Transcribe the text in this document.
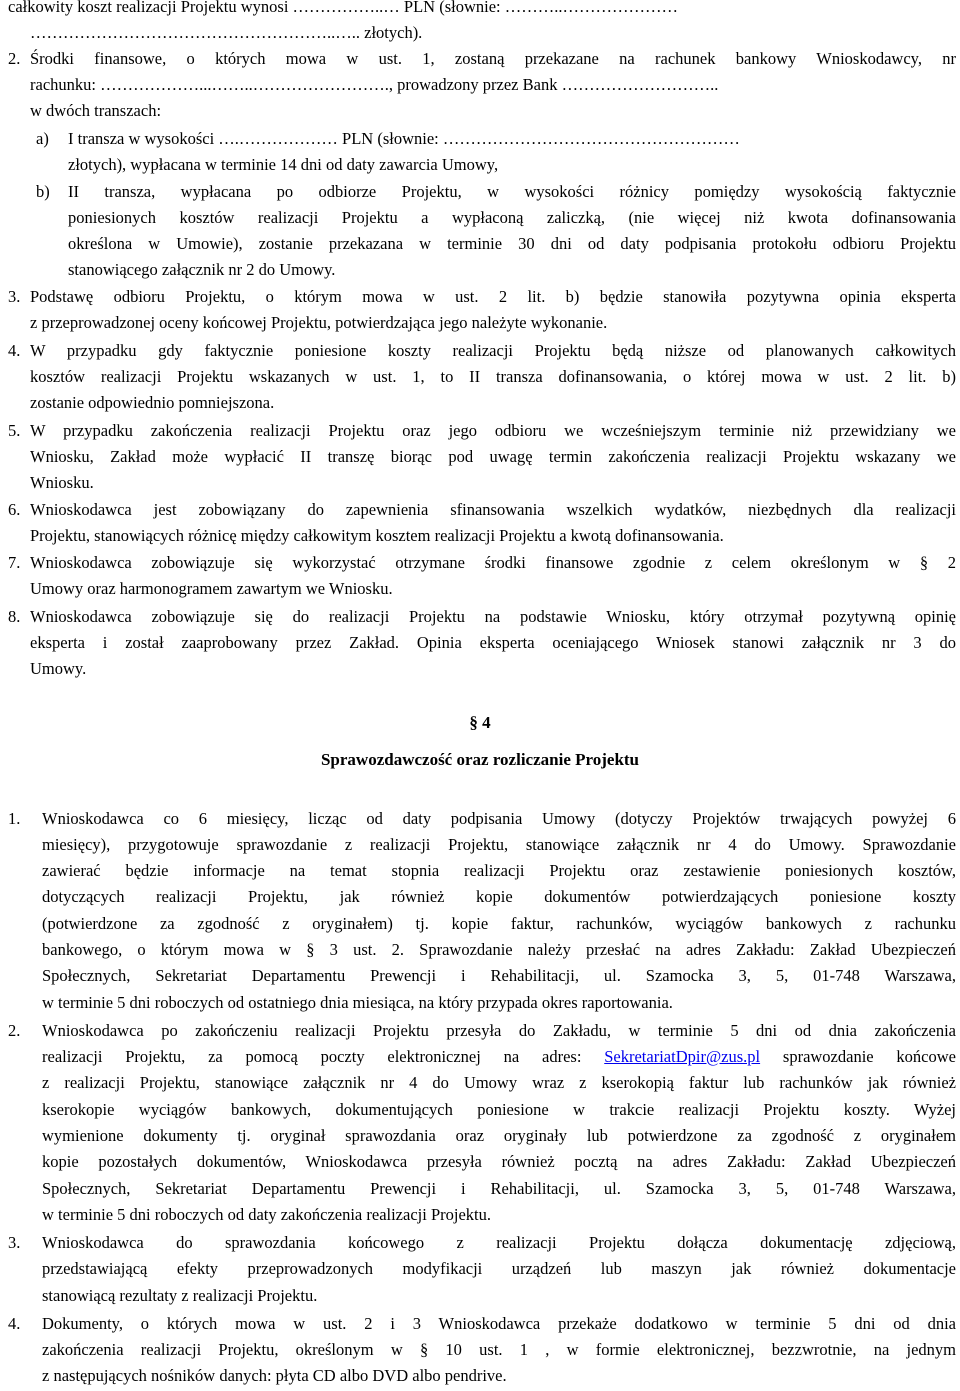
całkowity koszt realizacji Projektu wynosi ……………..… PLN (słownie: ………..…………………
………………………………………………..….. złotych).
2. Środki finansowe, o których mowa w ust. 1, zostaną przekazane na rachunek bankowy Wnioskodawcy, nr
rachunku: ………………...……..……………………., prowadzony przez Bank ………………………..
w dwóch transzach:
a) I transza w wysokości ….……………… PLN (słownie: ………………………………………………
złotych), wypłacana w terminie 14 dni od daty zawarcia Umowy,
b) II transza, wypłacana po odbiorze Projektu, w wysokości różnicy pomiędzy wysokością faktycznie
poniesionych kosztów realizacji Projektu a wypłaconą zaliczką, (nie więcej niż kwota dofinansowania
określona w Umowie), zostanie przekazana w terminie 30 dni od daty podpisania protokołu odbioru Projektu
stanowiącego załącznik nr 2 do Umowy.
3. Podstawę odbioru Projektu, o którym mowa w ust. 2 lit. b) będzie stanowiła pozytywna opinia eksperta
z przeprowadzonej oceny końcowej Projektu, potwierdzająca jego należyte wykonanie.
4. W przypadku gdy faktycznie poniesione koszty realizacji Projektu będą niższe od planowanych całkowitych
kosztów realizacji Projektu wskazanych w ust. 1, to II transza dofinansowania, o której mowa w ust. 2 lit. b)
zostanie odpowiednio pomniejszona.
5. W przypadku zakończenia realizacji Projektu oraz jego odbioru we wcześniejszym terminie niż przewidziany we
Wniosku, Zakład może wypłacić II transzę biorąc pod uwagę termin zakończenia realizacji Projektu wskazany we
Wniosku.
6. Wnioskodawca jest zobowiązany do zapewnienia sfinansowania wszelkich wydatków, niezbędnych dla realizacji
Projektu, stanowiących różnicę między całkowitym kosztem realizacji Projektu a kwotą dofinansowania.
7. Wnioskodawca zobowiązuje się wykorzystać otrzymane środki finansowe zgodnie z celem określonym w § 2
Umowy oraz harmonogramem zawartym we Wniosku.
8. Wnioskodawca zobowiązuje się do realizacji Projektu na podstawie Wniosku, który otrzymał pozytywną opinię
eksperta i został zaaprobowany przez Zakład. Opinia eksperta oceniającego Wniosek stanowi załącznik nr 3 do
Umowy.
§ 4
Sprawozdawczość oraz rozliczanie Projektu
1. Wnioskodawca co 6 miesięcy, licząc od daty podpisania Umowy (dotyczy Projektów trwających powyżej 6
miesięcy), przygotowuje sprawozdanie z realizacji Projektu, stanowiące załącznik nr 4 do Umowy. Sprawozdanie
zawierać będzie informacje na temat stopnia realizacji Projektu oraz zestawienie poniesionych kosztów,
dotyczących realizacji Projektu, jak również kopie dokumentów potwierdzających poniesione koszty
(potwierdzone za zgodność z oryginałem) tj. kopie faktur, rachunków, wyciągów bankowych z rachunku
bankowego, o którym mowa w § 3 ust. 2. Sprawozdanie należy przesłać na adres Zakładu: Zakład Ubezpieczeń
Społecznych, Sekretariat Departamentu Prewencji i Rehabilitacji, ul. Szamocka 3, 5, 01-748 Warszawa,
w terminie 5 dni roboczych od ostatniego dnia miesiąca, na który przypada okres raportowania.
2. Wnioskodawca po zakończeniu realizacji Projektu przesyła do Zakładu, w terminie 5 dni od dnia zakończenia
realizacji Projektu, za pomocą poczty elektronicznej na adres: SekretariatDpir@zus.pl sprawozdanie końcowe
z realizacji Projektu, stanowiące załącznik nr 4 do Umowy wraz z kserokopią faktur lub rachunków jak również
kserokopie wyciągów bankowych, dokumentujących poniesione w trakcie realizacji Projektu koszty. Wyżej
wymienione dokumenty tj. oryginał sprawozdania oraz oryginały lub potwierdzone za zgodność z oryginałem
kopie pozostałych dokumentów, Wnioskodawca przesyła również pocztą na adres Zakładu: Zakład Ubezpieczeń
Społecznych, Sekretariat Departamentu Prewencji i Rehabilitacji, ul. Szamocka 3, 5, 01-748 Warszawa,
w terminie 5 dni roboczych od daty zakończenia realizacji Projektu.
3. Wnioskodawca do sprawozdania końcowego z realizacji Projektu dołącza dokumentację zdjęciową,
przedstawiającą efekty przeprowadzonych modyfikacji urządzeń lub maszyn jak również dokumentacje
stanowiącą rezultaty z realizacji Projektu.
4. Dokumenty, o których mowa w ust. 2 i 3 Wnioskodawca przekaże dodatkowo w terminie 5 dni od dnia
zakończenia realizacji Projektu, określonym w § 10 ust. 1 , w formie elektronicznej, bezzwrotnie, na jednym
z następujących nośników danych: płyta CD albo DVD albo pendrive.
